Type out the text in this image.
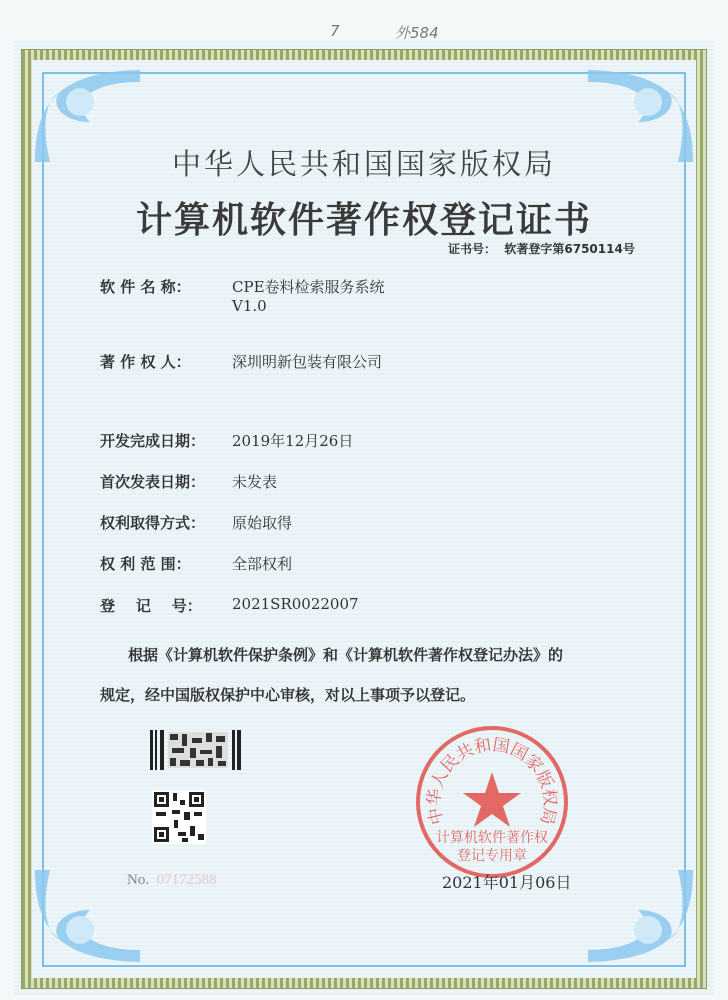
7	外584
中华人民共和国国家版权局
计算机软件著作权登记证书
证书号： 软著登字第6750114号
软 件 名 称：	CPE卷料检索服务系统
V1.0
著 作 权 人：	深圳明新包装有限公司
开发完成日期： 2019年12月26日
首次发表日期： 未发表
权利取得方式： 原始取得
权 利 范 围：	全部权利
登    记    号： 2021SR0022007
根据《计算机软件保护条例》和《计算机软件著作权登记办法》的
规定，经中国版权保护中心审核，对以上事项予以登记。
中华人民共和国国家版权局
计算机软件著作权
登记专用章
No. 07172588	2021年01月06日
